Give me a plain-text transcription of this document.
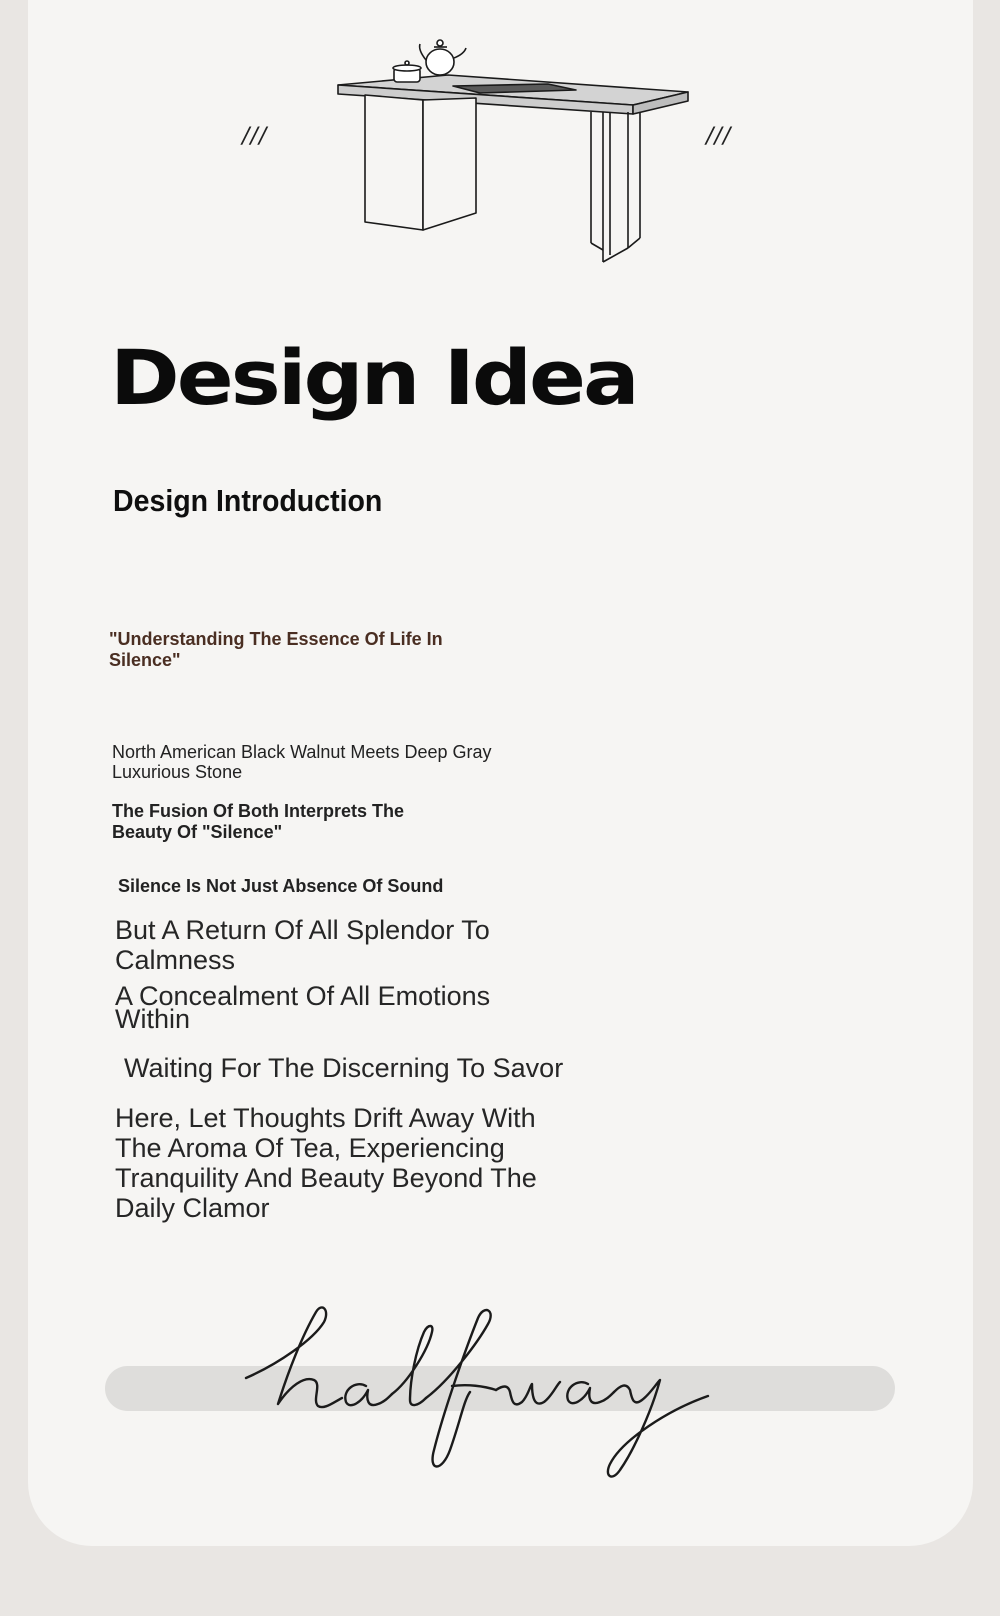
///	///
Design Idea
Design Introduction
"Understanding The Essence Of Life In Silence"
North American Black Walnut Meets Deep Gray Luxurious Stone
The Fusion Of Both Interprets The Beauty Of "Silence"
Silence Is Not Just Absence Of Sound
But A Return Of All Splendor To Calmness
A Concealment Of All Emotions Within
Waiting For The Discerning To Savor
Here, Let Thoughts Drift Away With The Aroma Of Tea, Experiencing Tranquility And Beauty Beyond The Daily Clamor
